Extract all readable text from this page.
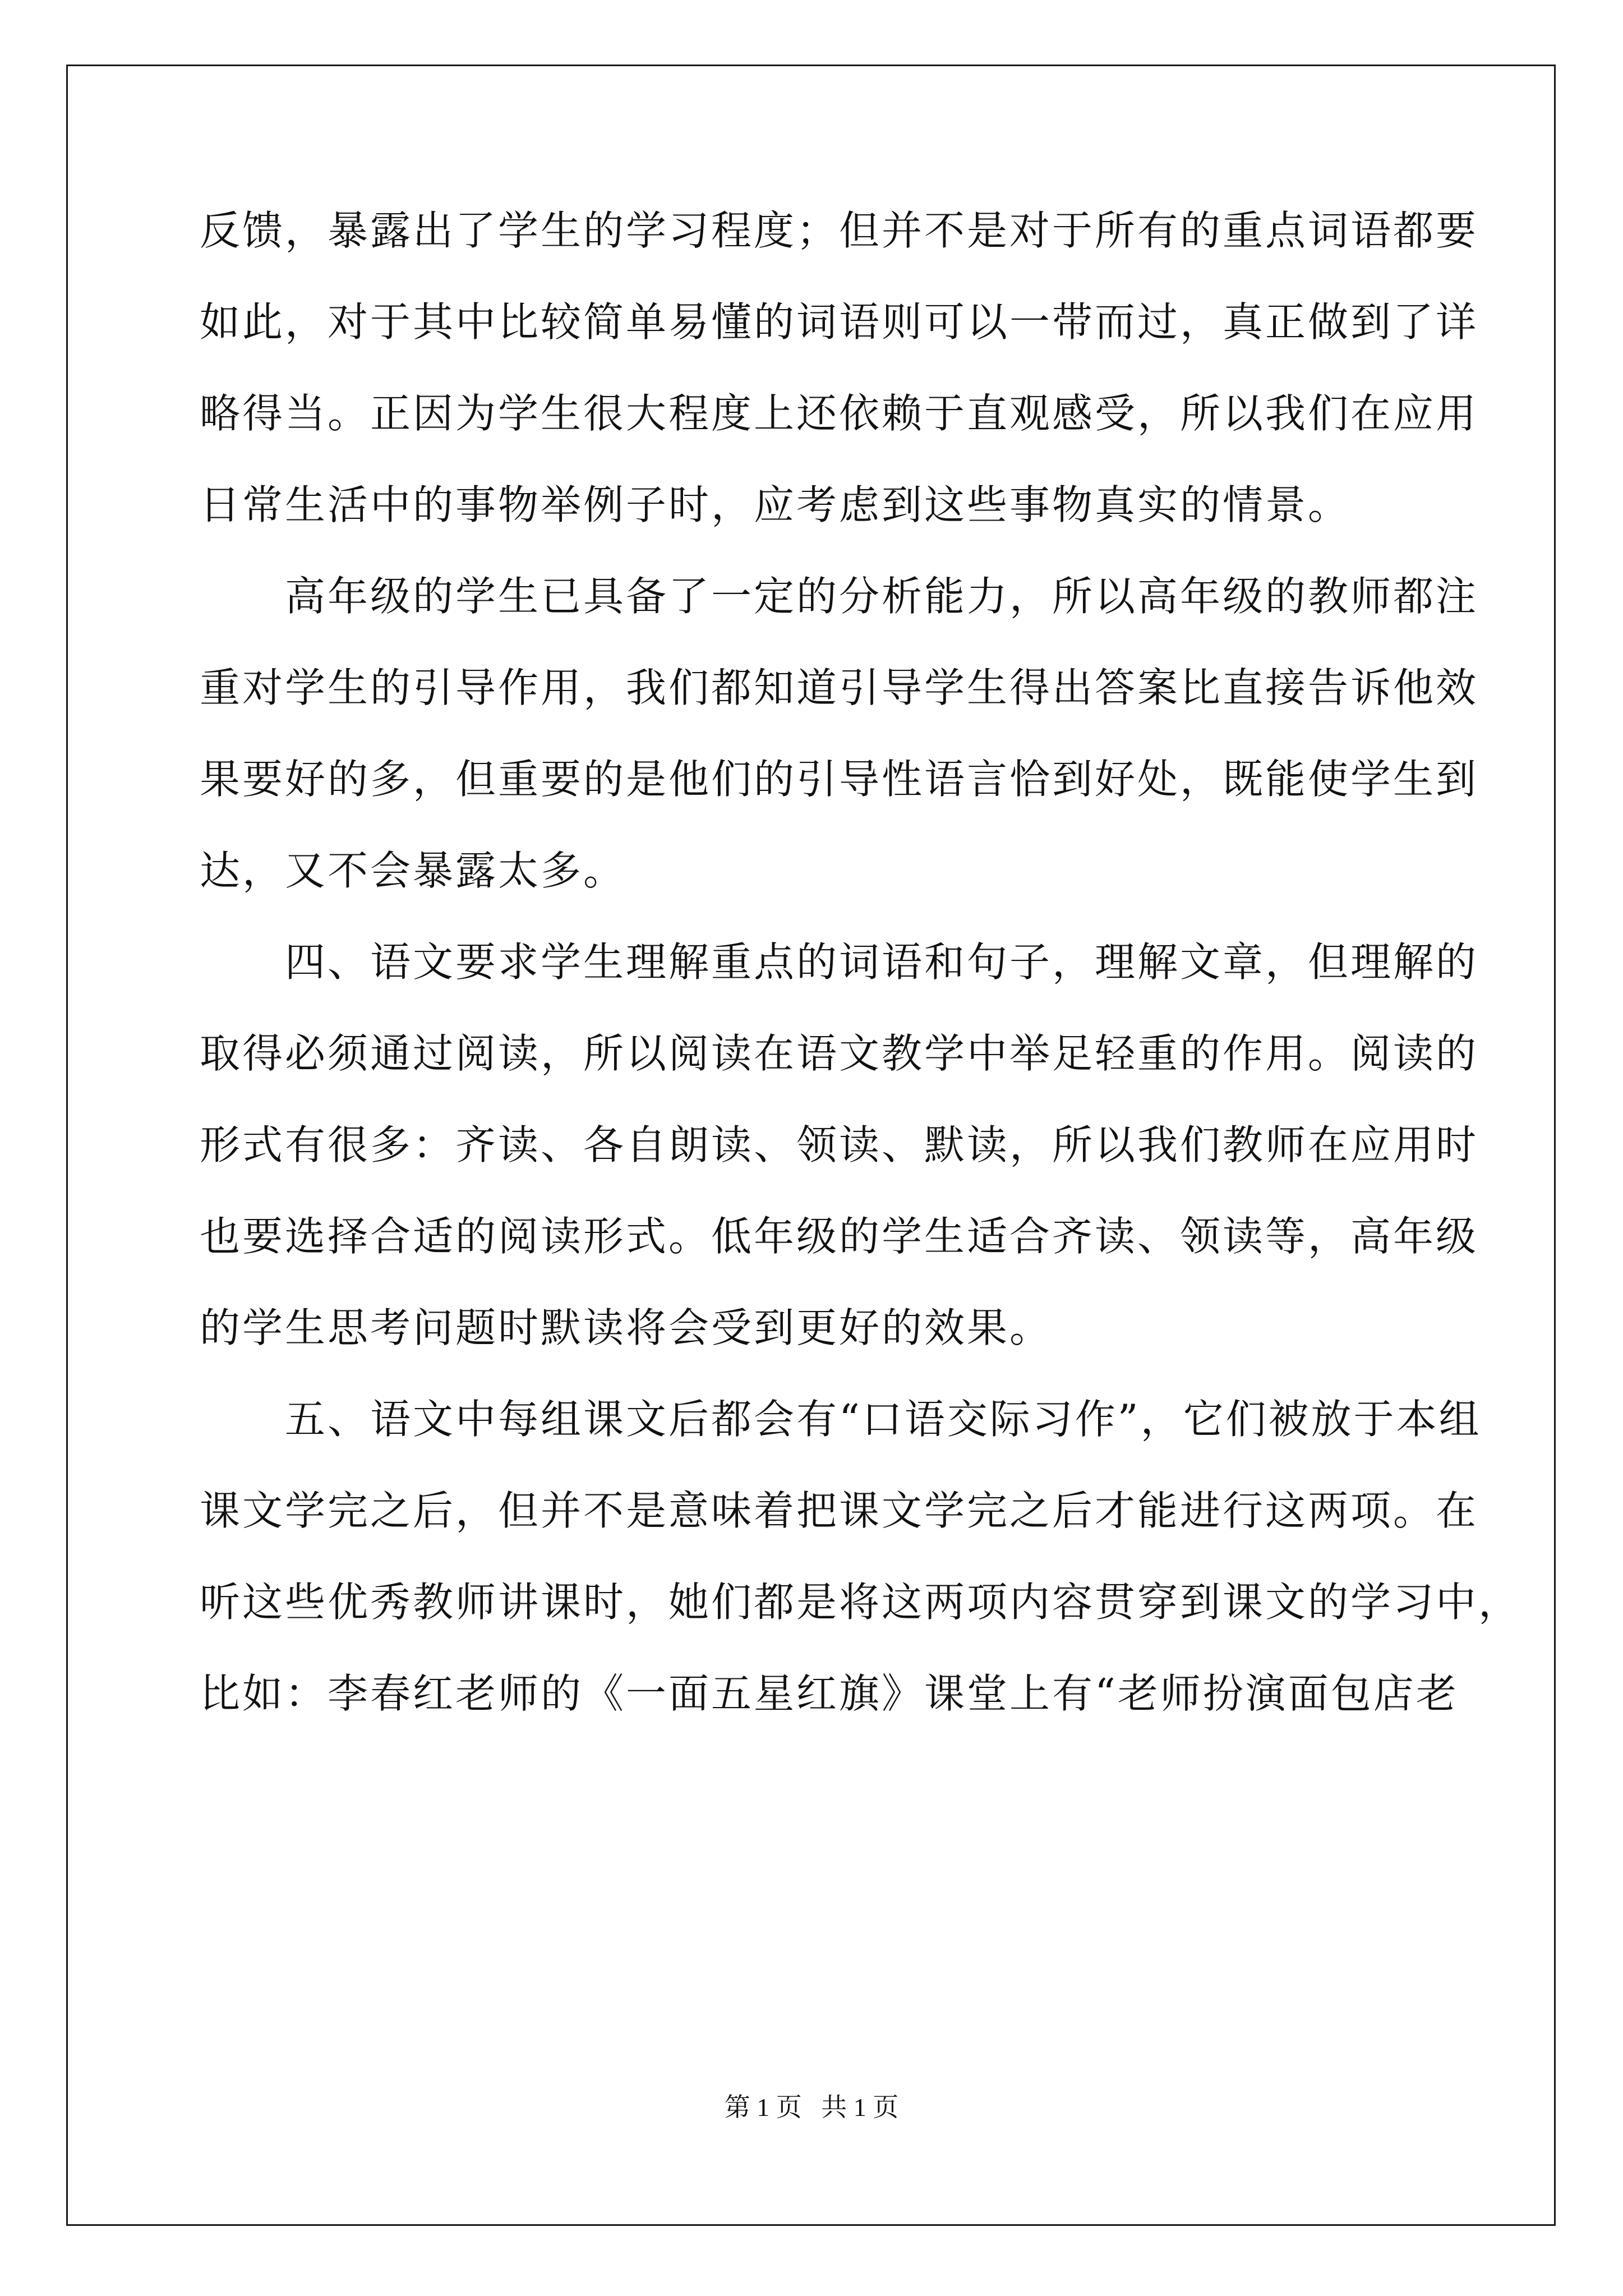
反馈，暴露出了学生的学习程度；但并不是对于所有的重点词语都要
如此，对于其中比较简单易懂的词语则可以一带而过，真正做到了详
略得当。正因为学生很大程度上还依赖于直观感受，所以我们在应用
日常生活中的事物举例子时，应考虑到这些事物真实的情景。

高年级的学生已具备了一定的分析能力，所以高年级的教师都注
重对学生的引导作用，我们都知道引导学生得出答案比直接告诉他效
果要好的多，但重要的是他们的引导性语言恰到好处，既能使学生到
达，又不会暴露太多。

四、语文要求学生理解重点的词语和句子，理解文章，但理解的
取得必须通过阅读，所以阅读在语文教学中举足轻重的作用。阅读的
形式有很多：齐读、各自朗读、领读、默读，所以我们教师在应用时
也要选择合适的阅读形式。低年级的学生适合齐读、领读等，高年级
的学生思考问题时默读将会受到更好的效果。

五、语文中每组课文后都会有“口语交际习作”，它们被放于本组
课文学完之后，但并不是意味着把课文学完之后才能进行这两项。在
听这些优秀教师讲课时，她们都是将这两项内容贯穿到课文的学习中，
比如：李春红老师的《一面五星红旗》课堂上有“老师扮演面包店老

第 1 页 共 1 页
